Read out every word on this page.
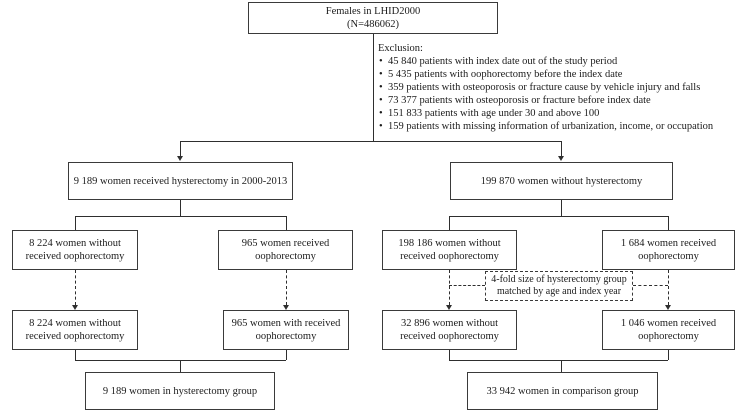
Females in LHID2000
(N=486062)
Exclusion:
• 45 840 patients with index date out of the study period
• 5 435 patients with oophorectomy before the index date
• 359 patients with osteoporosis or fracture cause by vehicle injury and falls
• 73 377 patients with osteoporosis or fracture before index date
• 151 833 patients with age under 30 and above 100
• 159 patients with missing information of urbanization, income, or occupation
9 189 women received hysterectomy in 2000-2013	199 870 women without hysterectomy
8 224 women without received oophorectomy
965 women received oophorectomy
198 186 women without received oophorectomy
1 684 women received oophorectomy
4-fold size of hysterectomy group matched by age and index year
8 224 women without received oophorectomy
965 women with received oophorectomy
32 896 women without received oophorectomy
1 046 women received oophorectomy
9 189 women in hysterectomy group	33 942 women in comparison group
